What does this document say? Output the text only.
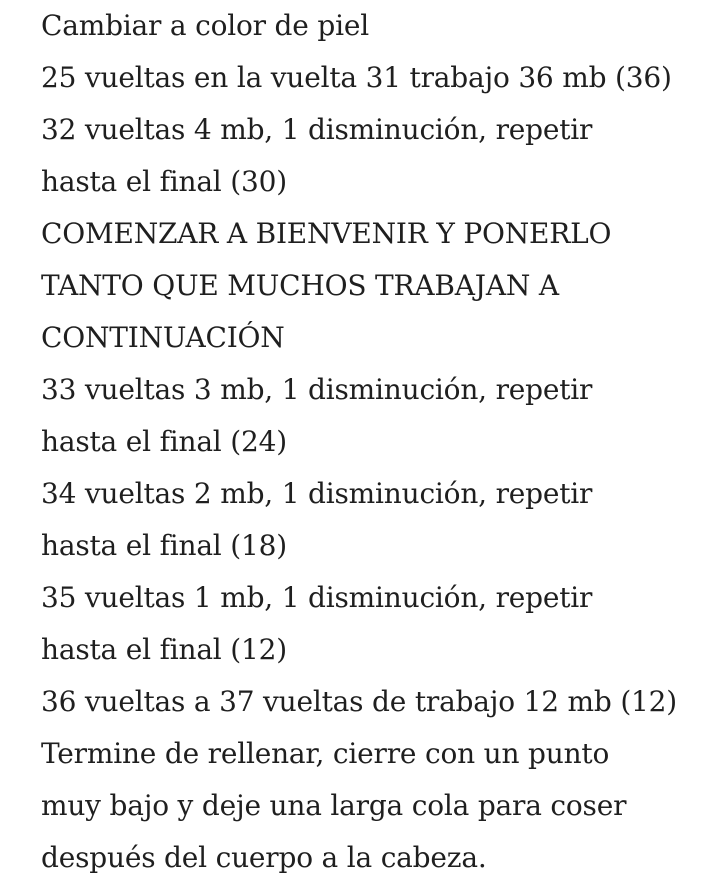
Cambiar a color de piel

25 vueltas en la vuelta 31 trabajo 36 mb (36)

32 vueltas 4 mb, 1 disminución, repetir

hasta el final (30)

COMENZAR A BIENVENIR Y PONERLO

TANTO QUE MUCHOS TRABAJAN A

CONTINUACIÓN

33 vueltas 3 mb, 1 disminución, repetir

hasta el final (24)

34 vueltas 2 mb, 1 disminución, repetir

hasta el final (18)

35 vueltas 1 mb, 1 disminución, repetir

hasta el final (12)

36 vueltas a 37 vueltas de trabajo 12 mb (12)

Termine de rellenar, cierre con un punto

muy bajo y deje una larga cola para coser

después del cuerpo a la cabeza.
